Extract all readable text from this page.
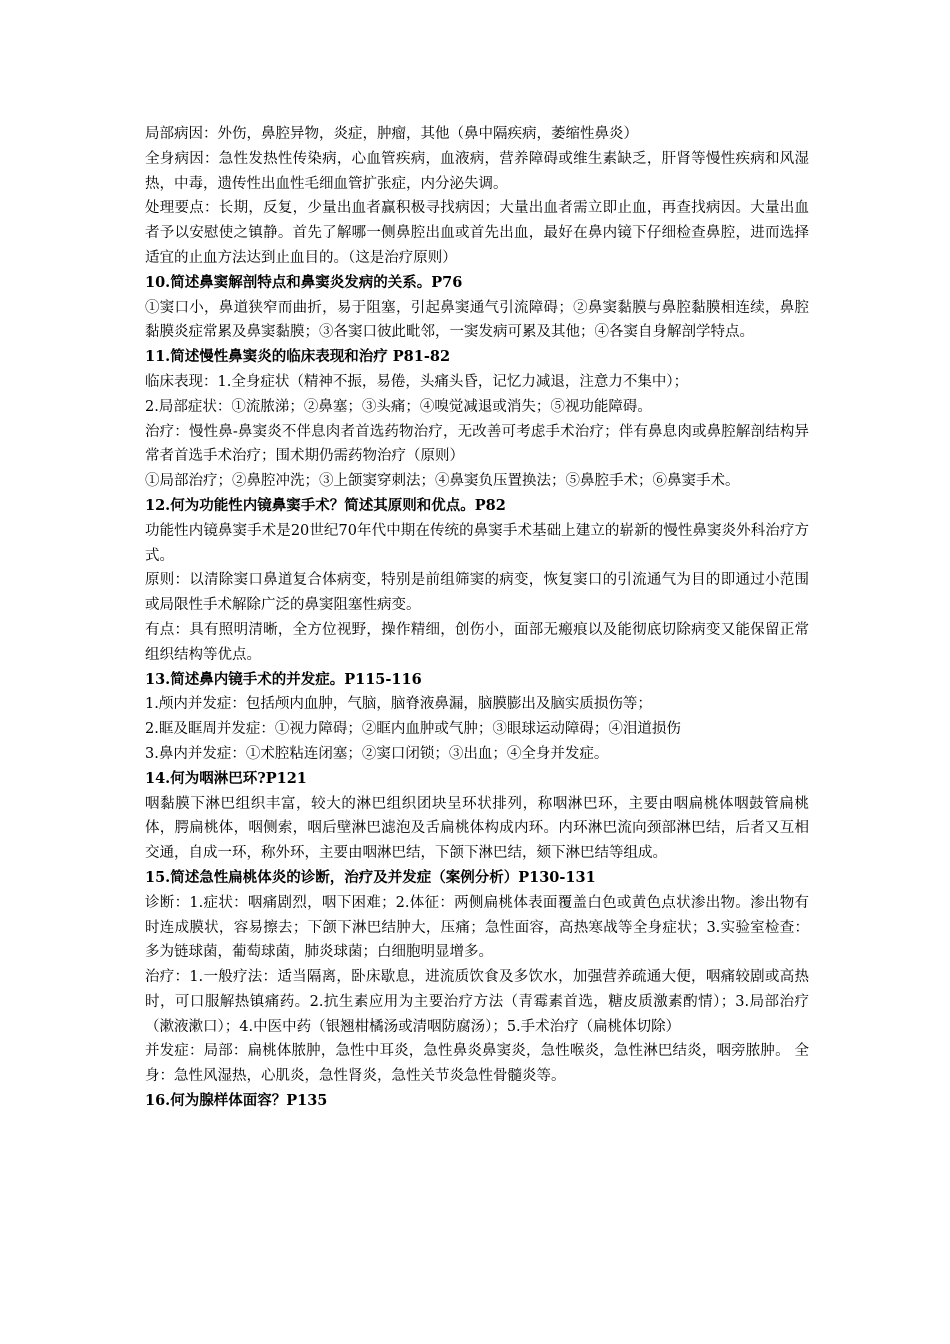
局部病因：外伤，鼻腔异物，炎症，肿瘤，其他（鼻中隔疾病，萎缩性鼻炎）

全身病因：急性发热性传染病，心血管疾病，血液病，营养障碍或维生素缺乏，肝肾等慢性疾病和风湿热，中毒，遗传性出血性毛细血管扩张症，内分泌失调。

处理要点：长期，反复，少量出血者赢积极寻找病因；大量出血者需立即止血，再查找病因。大量出血者予以安慰使之镇静。首先了解哪一侧鼻腔出血或首先出血，最好在鼻内镜下仔细检查鼻腔，进而选择适宜的止血方法达到止血目的。（这是治疗原则）

10.简述鼻窦解剖特点和鼻窦炎发病的关系。P76

①窦口小，鼻道狭窄而曲折，易于阻塞，引起鼻窦通气引流障碍；②鼻窦黏膜与鼻腔黏膜相连续，鼻腔黏膜炎症常累及鼻窦黏膜；③各窦口彼此毗邻，一窦发病可累及其他；④各窦自身解剖学特点。

11.简述慢性鼻窦炎的临床表现和治疗 P81-82

临床表现：1.全身症状（精神不振，易倦，头痛头昏，记忆力减退，注意力不集中）；

2.局部症状：①流脓涕；②鼻塞；③头痛；④嗅觉减退或消失；⑤视功能障碍。

治疗：慢性鼻-鼻窦炎不伴息肉者首选药物治疗，无改善可考虑手术治疗；伴有鼻息肉或鼻腔解剖结构异常者首选手术治疗；围术期仍需药物治疗（原则）

①局部治疗；②鼻腔冲洗；③上颌窦穿刺法；④鼻窦负压置换法；⑤鼻腔手术；⑥鼻窦手术。

12.何为功能性内镜鼻窦手术？简述其原则和优点。P82

功能性内镜鼻窦手术是20世纪70年代中期在传统的鼻窦手术基础上建立的崭新的慢性鼻窦炎外科治疗方式。

原则：以清除窦口鼻道复合体病变，特别是前组筛窦的病变，恢复窦口的引流通气为目的即通过小范围或局限性手术解除广泛的鼻窦阻塞性病变。

有点：具有照明清晰，全方位视野，操作精细，创伤小，面部无瘢痕以及能彻底切除病变又能保留正常组织结构等优点。

13.简述鼻内镜手术的并发症。P115-116

1.颅内并发症：包括颅内血肿，气脑，脑脊液鼻漏，脑膜膨出及脑实质损伤等；

2.眶及眶周并发症：①视力障碍；②眶内血肿或气肿；③眼球运动障碍；④泪道损伤

3.鼻内并发症：①术腔粘连闭塞；②窦口闭锁；③出血；④全身并发症。

14.何为咽淋巴环?P121

咽黏膜下淋巴组织丰富，较大的淋巴组织团块呈环状排列，称咽淋巴环，主要由咽扁桃体咽鼓管扁桃体，腭扁桃体，咽侧索，咽后壁淋巴滤泡及舌扁桃体构成内环。内环淋巴流向颈部淋巴结，后者又互相交通，自成一环，称外环，主要由咽淋巴结，下颌下淋巴结，颏下淋巴结等组成。

15.简述急性扁桃体炎的诊断，治疗及并发症（案例分析）P130-131

诊断：1.症状：咽痛剧烈，咽下困难；2.体征：两侧扁桃体表面覆盖白色或黄色点状渗出物。渗出物有时连成膜状，容易擦去；下颌下淋巴结肿大，压痛；急性面容，高热寒战等全身症状；3.实验室检查：多为链球菌，葡萄球菌，肺炎球菌；白细胞明显增多。

治疗：1.一般疗法：适当隔离，卧床歇息，进流质饮食及多饮水，加强营养疏通大便，咽痛较剧或高热时，可口服解热镇痛药。2.抗生素应用为主要治疗方法（青霉素首选，糖皮质激素酌情）；3.局部治疗（漱液漱口）；4.中医中药（银翘柑橘汤或清咽防腐汤）；5.手术治疗（扁桃体切除）

并发症：局部：扁桃体脓肿，急性中耳炎，急性鼻炎鼻窦炎，急性喉炎，急性淋巴结炎，咽旁脓肿。 全身：急性风湿热，心肌炎，急性肾炎，急性关节炎急性骨髓炎等。

16.何为腺样体面容？P135
